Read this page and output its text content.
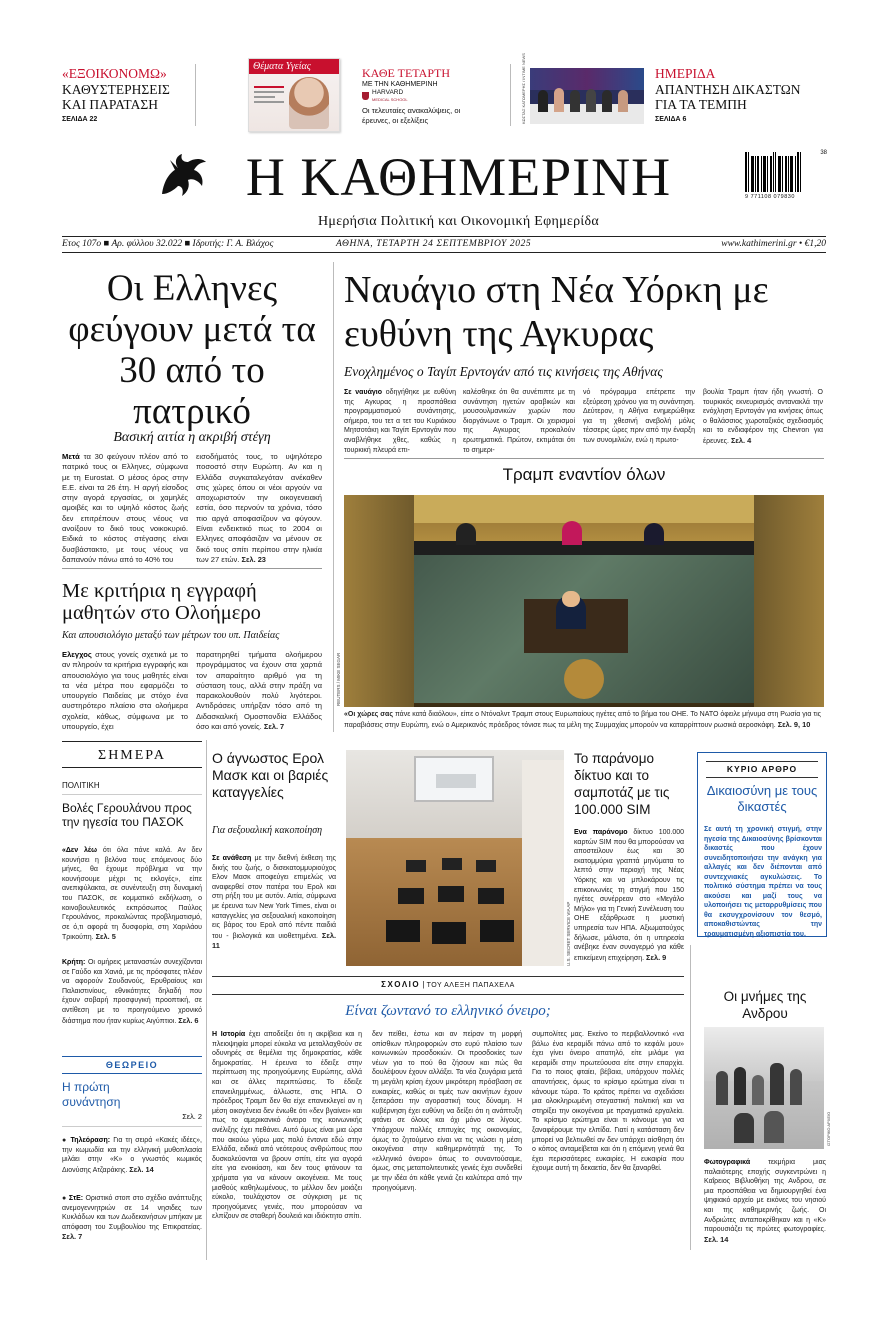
«ΕΞΟΙΚΟΝΟΜΩ»
ΚΑΘΥΣΤΕΡΗΣΕΙΣ ΚΑΙ ΠΑΡΑΤΑΣΗ
ΣΕΛΙΔΑ 22
Θέματα Υγείας	ΚΑΘΕ ΤΕΤΑΡΤΗ
ΜΕ ΤΗΝ ΚΑΘΗΜΕΡΙΝΗ
HARVARD
MEDICAL SCHOOL
Οι τελευταίες ανακαλύψεις, οι έρευνες, οι εξελίξεις	ΚΩΣΤΑΣ ΚΑΤΩΜΕΡΗΣ / ΙNTIME NEWS	ΗΜΕΡΙΔΑ
ΑΠΑΝΤΗΣΗ ΔΙΚΑΣΤΩΝ ΓΙΑ ΤΑ ΤΕΜΠΗ
ΣΕΛΙΔΑ 6
Η ΚΑΘΗΜΕΡΙΝΗ
Ημερήσια Πολιτική και Οικονομική Εφημερίδα
9 771108 079830
38
Ετος 107ο ■ Αρ. φύλλου 32.022 ■ Ιδρυτής: Γ. Α. Βλάχος	ΑΘΗΝΑ, ΤΕΤΑΡΤΗ 24 ΣΕΠΤΕΜΒΡΙΟΥ 2025	www.kathimerini.gr • €1,20
Οι Ελληνες φεύγουν μετά τα 30 από το πατρικό
Βασική αιτία η ακριβή στέγη
Μετά τα 30 φεύγουν πλέον από το πατρικό τους οι Ελληνες, σύμφωνα με τη Eurostat. Ο μέσος όρος στην Ε.Ε. είναι τα 26 έτη. Η αργή είσοδος στην αγορά εργασίας, οι χαμηλές αμοιβές και το υψηλό κόστος ζωής δεν επιτρέπουν στους νέους να ανοίξουν το δικό τους νοικοκυριό. Ειδικά το κόστος στέγασης είναι δυσβάστακτο, με τους νέους να δαπανούν πάνω από το 40% του
εισοδήματός τους, το υψηλότερο ποσοστό στην Ευρώπη. Αν και η Ελλάδα συγκαταλεγόταν ανέκαθεν στις χώρες όπου οι νέοι αργούν να αποχωριστούν την οικογενειακή εστία, όσο περνούν τα χρόνια, τόσο πιο αργά αποφασίζουν να φύγουν. Είναι ενδεικτικό πως το 2004 οι Ελληνες αποφάσιζαν να μένουν σε δικό τους σπίτι περίπου στην ηλικία των 27 ετών. Σελ. 23
Με κριτήρια η εγγραφή μαθητών στο Ολοήμερο
Και απουσιολόγιο μεταξύ των μέτρων του υπ. Παιδείας
Ελεγχος στους γονείς σχετικά με το αν πληρούν τα κριτήρια εγγραφής και απουσιολόγιο για τους μαθητές είναι τα νέα μέτρα που εφαρμόζει το υπουργείο Παιδείας με στόχο ένα αυστηρότερο πλαίσιο στα ολοήμερα σχολεία, κάθως, σύμφωνα με το υπουργείο, έχει
παρατηρηθεί τμήματα ολοήμερου προγράμματος να έχουν στα χαρτιά τον απαραίτητο αριθμό για τη σύσταση τους, αλλά στην πράξη να παρακολουθούν πολύ λιγότεροι. Αντιδράσεις υπήρξαν τόσο από τη Διδασκαλική Ομοσπονδία Ελλάδος όσο και από γονείς. Σελ. 7
Ναυάγιο στη Νέα Υόρκη με ευθύνη της Αγκυρας
Ενοχλημένος ο Ταγίπ Ερντογάν από τις κινήσεις της Αθήνας
Σε ναυάγιο οδηγήθηκε με ευθύνη της Αγκυρας η προσπάθεια προγραμματισμού συνάντησης, σήμερα, του τετ α τετ του Κυριάκου Μητσοτάκη και Ταγίπ Ερντογάν που αναβλήθηκε χθες, καθώς η τουρκική πλευρά επι-
καλέσθηκε ότι θα συνέπιπτε με τη συνάντηση ηγετών αραβικών και μουσουλμανικών χωρών που διοργάνωνε ο Τραμπ. Οι χειρισμοί της Αγκυρας προκαλούν ερωτηματικά. Πρώτον, εκτιμάται ότι το σημερι-
νό πρόγραμμα επέτρεπε την εξεύρεση χρόνου για τη συνάντηση. Δεύτερον, η Αθήνα ενημερώθηκε για τη χθεσινή ανεβολή μόλις τέσσερις ώρες πριν από την έναρξη των συνομιλιών, ενώ η πρωτο-
βουλία Τραμπ ήταν ήδη γνωστή. Ο τουρκικός εκνευρισμός αντανακλά την ενόχληση Ερντογάν για κινήσεις όπως ο θαλάσσιος χωροταξικός σχεδιασμός και το ενδιαφέρον της Chevron για έρευνες. Σελ. 4
Τραμπ εναντίον όλων
REUTERS / MIKE SEGAR
«Οι χώρες σας πάνε κατά διαόλου», είπε ο Ντόναλντ Τραμπ στους Ευρωπαίους ηγέτες από το βήμα του ΟΗΕ. Το ΝΑΤΟ όφειλε μήνυμα στη Ρωσία για τις παραβιάσεις στην Ευρώπη, ενώ ο Αμερικανός πρόεδρος τόνισε πως τα μέλη της Συμμαχίας μπορούν να καταρρίπτουν ρωσικά αεροσκάφη. Σελ. 9, 10
ΣΗΜΕΡΑ
ΠΟΛΙΤΙΚΗ
Βολές Γερουλάνου προς την ηγεσία του ΠΑΣΟΚ
«Δεν λέω ότι όλα πάνε καλά. Αν δεν κουνήσει η βελόνα τους επόμενους δύο μήνες, θα έχουμε πρόβλημα να την κουνήσουμε μέχρι τις εκλογές», είπε ανεπιφύλακτα, σε συνέντευξη στη δυναμική του ΠΑΣΟΚ, σε κομματικό εκδήλωση, ο κοινοβουλευτικός εκπρόσωπος Παύλος Γερουλάνος, προκαλώντας προβληματισμό, σε ό,τι αφορά τη δυσφορία, στη Χαριλάου Τρικούπη. Σελ. 5
Κρήτη: Οι ομήρεις μεταναστών συνεχίζονται σε Γαύδο και Χανιά, με τις πρόσφατες πλέον να αφορούν Σουδανούς, Ερυθραίους και Παλαιστινίους, εθνικότητες δηλαδή που έχουν σοβαρή προσφυγική προοπτική, σε αντίθεση με το προηγούμενο χρονικό διάστημα που ήταν κυρίως Αιγύπτιοι. Σελ. 6
ΘΕΩΡΕΙΟ
Η πρώτη συνάντηση
Σελ. 2
● Τηλεόραση: Για τη σειρά «Κακές ιδέες», την κωμωδία και την ελληνική μυθοπλασία μιλάει στην «Κ» ο γνωστός κωμικός Διονύσης Ατζαράκης. Σελ. 14
● ΣτΕ: Οριστικό στοπ στο σχέδιο ανάπτυξης ανεμογεννητριών σε 14 νησιδες των Κυκλάδων και των Δωδεκανήσων μπήκαν με απόφαση του Συμβουλίου της Επικρατείας. Σελ. 7
Ο άγνωστος Ερολ Μασκ και οι βαριές καταγγελίες
Για σεξουαλική κακοποίηση
Σε ανάθεση με την διεθνή έκθεση της δικής του ζωής, ο δισεκατομμυριούχος Ελον Μασκ αποφεύγει επιμελώς να αναφερθεί στον πατέρα του Ερολ και στη ρήξη του με αυτόν. Αιτία, σύμφωνα με έρευνα των New York Times, είναι οι καταγγελίες για σεξουαλική κακοποίηση εις βάρος του Ερολ από πέντε παιδιά του - βιολογικά και υιοθετημένα. Σελ. 11	U.S. SECRET SERVICE VIA AP
Το παράνομο δίκτυο και το σαμποτάζ με τις 100.000 SIM
Ενα παράνομο δίκτυο 100.000 καρτών SIM που θα μπορούσαν να αποστείλουν έως και 30 εκατομμύρια γραπτά μηνύματα το λεπτό στην περιοχή της Νέας Υόρκης και να μπλοκάρουν τις επικοινωνίες τη στιγμή που 150 ηγέτες συνέρρεαν στο «Μεγάλο Μήλο» για τη Γενική Συνέλευση του ΟΗΕ εξάρθρωσε η μυστική υπηρεσία των ΗΠΑ. Αξιωματούχος δήλωσε, μάλιστα, ότι η υπηρεσία ανέβηκε έναν συναγερμό για κάθε επικείμενη επιχείρηση. Σελ. 9
ΚΥΡΙΟ ΑΡΘΡΟ
Δικαιοσύνη με τους δικαστές
Σε αυτή τη χρονική στιγμή, στην ηγεσία της Δικαιοσύνης βρίσκονται δικαστές που έχουν συνειδητοποιήσει την ανάγκη για αλλαγές και δεν διέπονται από συντεχνιακές αγκυλώσεις. Το πολιτικό σύστημα πρέπει να τους ακούσει και μαζί τους να υλοποιήσει τις μεταρρυθμίσεις που θα εκσυγχρονίσουν τον θεσμό, αποκαθιστώντας την τραυματισμένη αξιοπιστία του.
ΣΧΟΛΙΟ | ΤΟΥ ΑΛΕΞΗ ΠΑΠΑΧΕΛΑ
Είναι ζωντανό το ελληνικό όνειρο;
Η Ιστορία έχει αποδείξει ότι η ακρίβεια και η πλειοψηφία μπορεί εύκολα να μεταλλαχθούν σε οδυνηρές σε θεμέλια της δημοκρατίας, κάθε δημοκρατίας. Η έρευνα το έδειξε στην περίπτωση της προηγούμενης Ευρώπης, αλλά και σε άλλες περιπτώσεις. Το έδειξε επανειλημμένως, άλλωστε, στις ΗΠΑ. Ο πρόεδρος Τραμπ δεν θα είχε επανεκλεγεί αν η μέση οικογένεια δεν ένιωθε ότι «δεν βγαίνει» και πως το αμερικανικό όνειρο της κοινωνικής ανέλιξης έχει πεθάνει. Αυτό όμως είναι μια ώρα που ακούω γύρω μας πολύ έντονα εδώ στην Ελλάδα, ειδικά από νεότερους ανθρώπους που δυσκολεύονται να βρουν σπίτι, είτε για αγορά είτε για ενοικίαση, και δεν τους φτάνουν τα χρήματα για να κάνουν οικογένεια. Με τους μισθούς καθηλωμένους, το μέλλον δεν μοιάζει εύκολο, τουλάχιστον σε σύγκριση με τις προηγούμενες γενιές, που μπορούσαν να ελπίζουν σε σταθερή δουλειά και ιδιόκτητο σπίτι.
δεν πείθει, έστω και αν πείραν τη μορφή οπίσθιων πληροφοριών στο ευρύ πλαίσιο των κοινωνικών προσδοκιών. Οι προσδοκίες των νέων για το πού θα ζήσουν και πώς θα δουλέψουν έχουν αλλάξει. Τα νέα ζευγάρια μετά τη μεγάλη κρίση έχουν μικρότερη πρόσβαση σε ευκαιρίες, καθώς οι τιμές των ακινήτων έχουν ξεπεράσει την αγοραστική τους δύναμη. Η κυβέρνηση έχει ευθύνη να δείξει ότι η ανάπτυξη φτάνει σε όλους και όχι μόνο σε λίγους. Υπάρχουν πολλές επιτυχίες της οικονομίας, όμως το ζητούμενο είναι να τις νιώσει η μέση οικογένεια στην καθημερινότητά της. Το «ελληνικό όνειρο» όπως το συναντούσαμε, όμως, στις μεταπολιτευτικές γενιές έχει συνδεθεί με την ιδέα ότι κάθε γενιά ζει καλύτερα από την προηγούμενη.
συμπολίτες μας. Εκείνο το περιβαλλοντικό «να βάλω ένα κεραμίδι πάνω από το κεφάλι μου» έχει γίνει όνειρο απατηλό, είτε μιλάμε για κεραμίδι στην πρωτεύουσα είτε στην επαρχία. Για το ποιος φταίει, βέβαια, υπάρχουν πολλές απαντήσεις, όμως το κρίσιμο ερώτημα είναι τι κάνουμε τώρα. Το κράτος πρέπει να σχεδιάσει μια ολοκληρωμένη στεγαστική πολιτική και να στηρίξει την οικογένεια με πραγματικά εργαλεία. Το κρίσιμο ερώτημα είναι τι κάνουμε για να ξαναφέρουμε την ελπίδα. Γιατί η κατάσταση δεν μπορεί να βελτιωθεί αν δεν υπάρχει αίσθηση ότι ο κόπος ανταμείβεται και ότι η επόμενη γενιά θα έχει περισσότερες ευκαιρίες. Η ευκαιρία που έχουμε αυτή τη δεκαετία, δεν θα ξαναρθεί.
Οι μνήμες της Ανδρου
ΙΣΤΟΡΙΚΟ ΑΡΧΕΙΟ
Φωτογραφικά	τεκμήρια μιας παλαιότερης εποχής συγκεντρώνει η Καΐρειος Βιβλιοθήκη της Ανδρου, σε μια προσπάθεια να δημιουργηθεί ένα ψηφιακό αρχείο με εικόνες του νησιού και της καθημερινής ζωής. Οι Ανδριώτες ανταποκρίθηκαν και η «Κ» παρουσιάζει τις πρώτες φωτογραφίες. Σελ. 14
